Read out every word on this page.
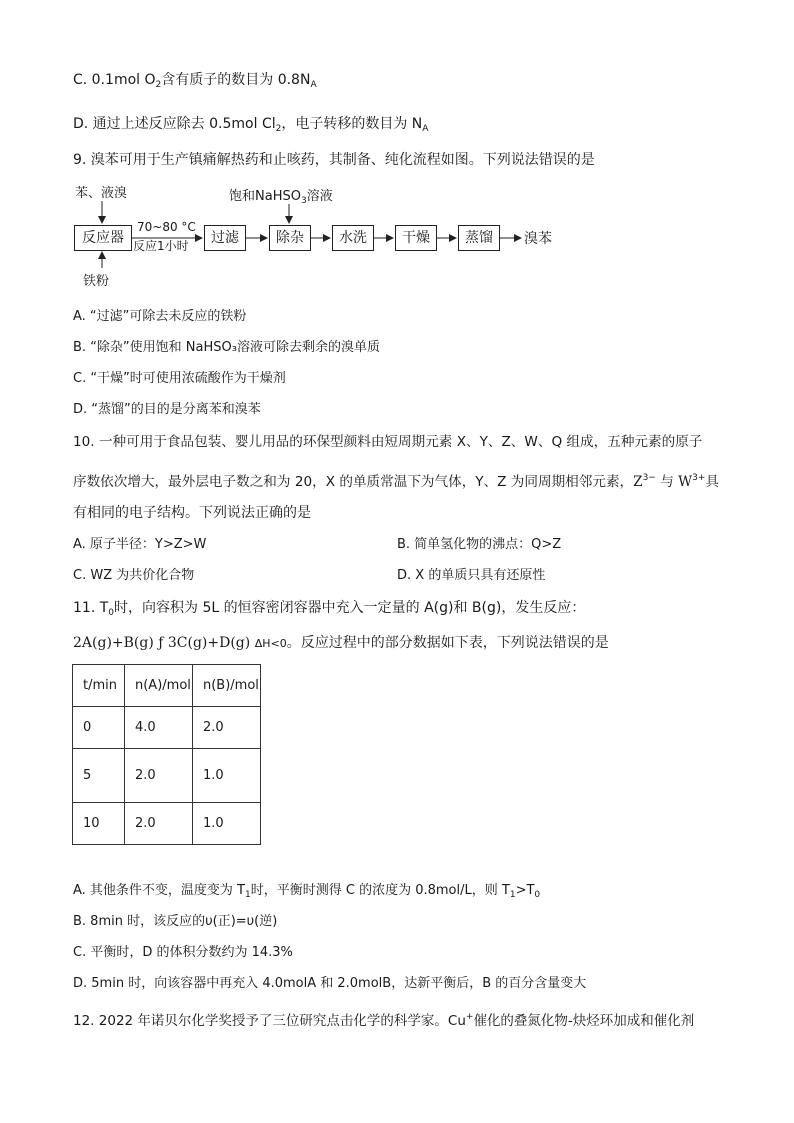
C. 0.1mol $O_2$含有质子的数目为 $0.8N_A$
D. 通过上述反应除去 0.5mol $Cl_2$，电子转移的数目为 $N_A$
9. 溴苯可用于生产镇痛解热药和止咳药，其制备、纯化流程如图。下列说法错误的是
苯、液溴	饱和NaHSO$_3$溶液
70~80 °C
反应1小时
铁粉
反应器	过滤	除杂	水洗	干燥	蒸馏	溴苯
A. “过滤”可除去未反应的铁粉
B. “除杂”使用饱和 NaHSO₃溶液可除去剩余的溴单质
C. “干燥”时可使用浓硫酸作为干燥剂
D. “蒸馏”的目的是分离苯和溴苯
10. 一种可用于食品包装、婴儿用品的环保型颜料由短周期元素 X、Y、Z、W、Q 组成，五种元素的原子
序数依次增大，最外层电子数之和为 20，X 的单质常温下为气体，Y、Z 为同周期相邻元素，$Z^{3-}$ 与 $W^{3+}$具
有相同的电子结构。下列说法正确的是
A. 原子半径：Y>Z>W	B. 简单氢化物的沸点：Q>Z
C. WZ 为共价化合物	D. X 的单质只具有还原性
11. $T_0$时，向容积为 5L 的恒容密闭容器中充入一定量的 A(g)和 B(g)，发生反应：
2A(g)+B(g) ƒ 3C(g)+D(g) ΔH<0。反应过程中的部分数据如下表，下列说法错误的是
t/min	n(A)/mol	n(B)/mol
0	4.0	2.0
5	2.0	1.0
10	2.0	1.0
A. 其他条件不变，温度变为 $T_1$时，平衡时测得 C 的浓度为 0.8mol/L，则 $T_1>T_0$
B. 8min 时，该反应的υ(正)=υ(逆)
C. 平衡时，D 的体积分数约为 14.3%
D. 5min 时，向该容器中再充入 4.0molA 和 2.0molB，达新平衡后，B 的百分含量变大
12. 2022 年诺贝尔化学奖授予了三位研究点击化学的科学家。Cu+催化的叠氮化物-炔烃环加成和催化剂
